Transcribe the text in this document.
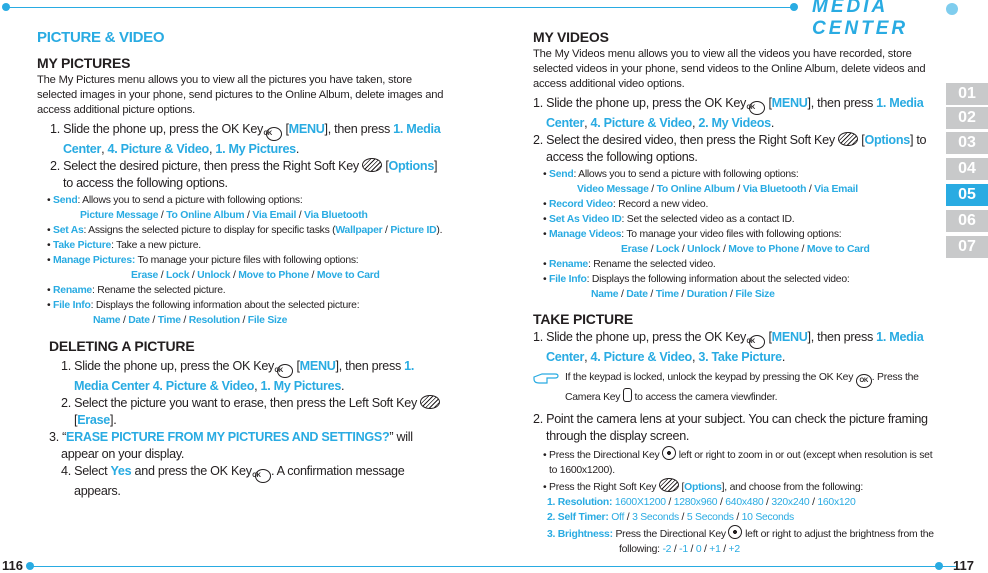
MEDIA CENTER
116	117
01
02
03
04
05
06
07
PICTURE & VIDEO
MY PICTURES
The My Pictures menu allows you to view all the pictures you have taken, store selected images in your phone, send pictures to the Online Album, delete images and access additional picture options.
1. Slide the phone up, press the OK Key OK [MENU], then press 1. Media Center, 4. Picture & Video, 1. My Pictures.
2. Select the desired picture, then press the Right Soft Key  [Options] to access the following options.
• Send: Allows you to send a picture with following options:
Picture Message / To Online Album / Via Email / Via Bluetooth
• Set As: Assigns the selected picture to display for specific tasks (Wallpaper / Picture ID).
• Take Picture: Take a new picture.
• Manage Pictures: To manage your picture files with following options:
Erase / Lock / Unlock / Move to Phone / Move to Card
• Rename: Rename the selected picture.
• File Info: Displays the following information about the selected picture:
Name / Date / Time / Resolution / File Size
DELETING A PICTURE
1. Slide the phone up, press the OK Key OK [MENU], then press 1. Media Center 4. Picture & Video, 1. My Pictures.
2. Select the picture you want to erase, then press the Left Soft Key
[Erase].
3. “ERASE PICTURE FROM MY PICTURES AND SETTINGS?” will appear on your display.
4. Select Yes and press the OK Key OK . A confirmation message appears.
MY VIDEOS
The My Videos menu allows you to view all the videos you have recorded, store selected videos in your phone, send videos to the Online Album, delete videos and access additional video options.
1. Slide the phone up, press the OK Key OK [MENU], then press 1. Media Center, 4. Picture & Video, 2. My Videos.
2. Select the desired video, then press the Right Soft Key  [Options] to access the following options.
• Send: Allows you to send a picture with following options:
Video Message / To Online Album / Via Bluetooth / Via Email
• Record Video: Record a new video.
• Set As Video ID: Set the selected video as a contact ID.
• Manage Videos: To manage your video files with following options:
Erase / Lock / Unlock / Move to Phone / Move to Card
• Rename: Rename the selected video.
• File Info: Displays the following information about the selected video:
Name / Date / Time / Duration / File Size
TAKE PICTURE
1. Slide the phone up, press the OK Key OK [MENU], then press 1. Media Center, 4. Picture & Video, 3. Take Picture.
If the keypad is locked, unlock the keypad by pressing the OK Key OK . Press the Camera Key to access the camera viewfinder.
2. Point the camera lens at your subject. You can check the picture framing through the display screen.
• Press the Directional Key left or right to zoom in or out (except when resolution is set to 1600x1200).
• Press the Right Soft Key  [Options], and choose from the following:
1. Resolution: 1600X1200 / 1280x960 / 640x480 / 320x240 / 160x120
2. Self Timer: Off / 3 Seconds / 5 Seconds / 10 Seconds
3. Brightness: Press the Directional Key left or right to adjust the brightness from the
following: -2 / -1 / 0 / +1 / +2
